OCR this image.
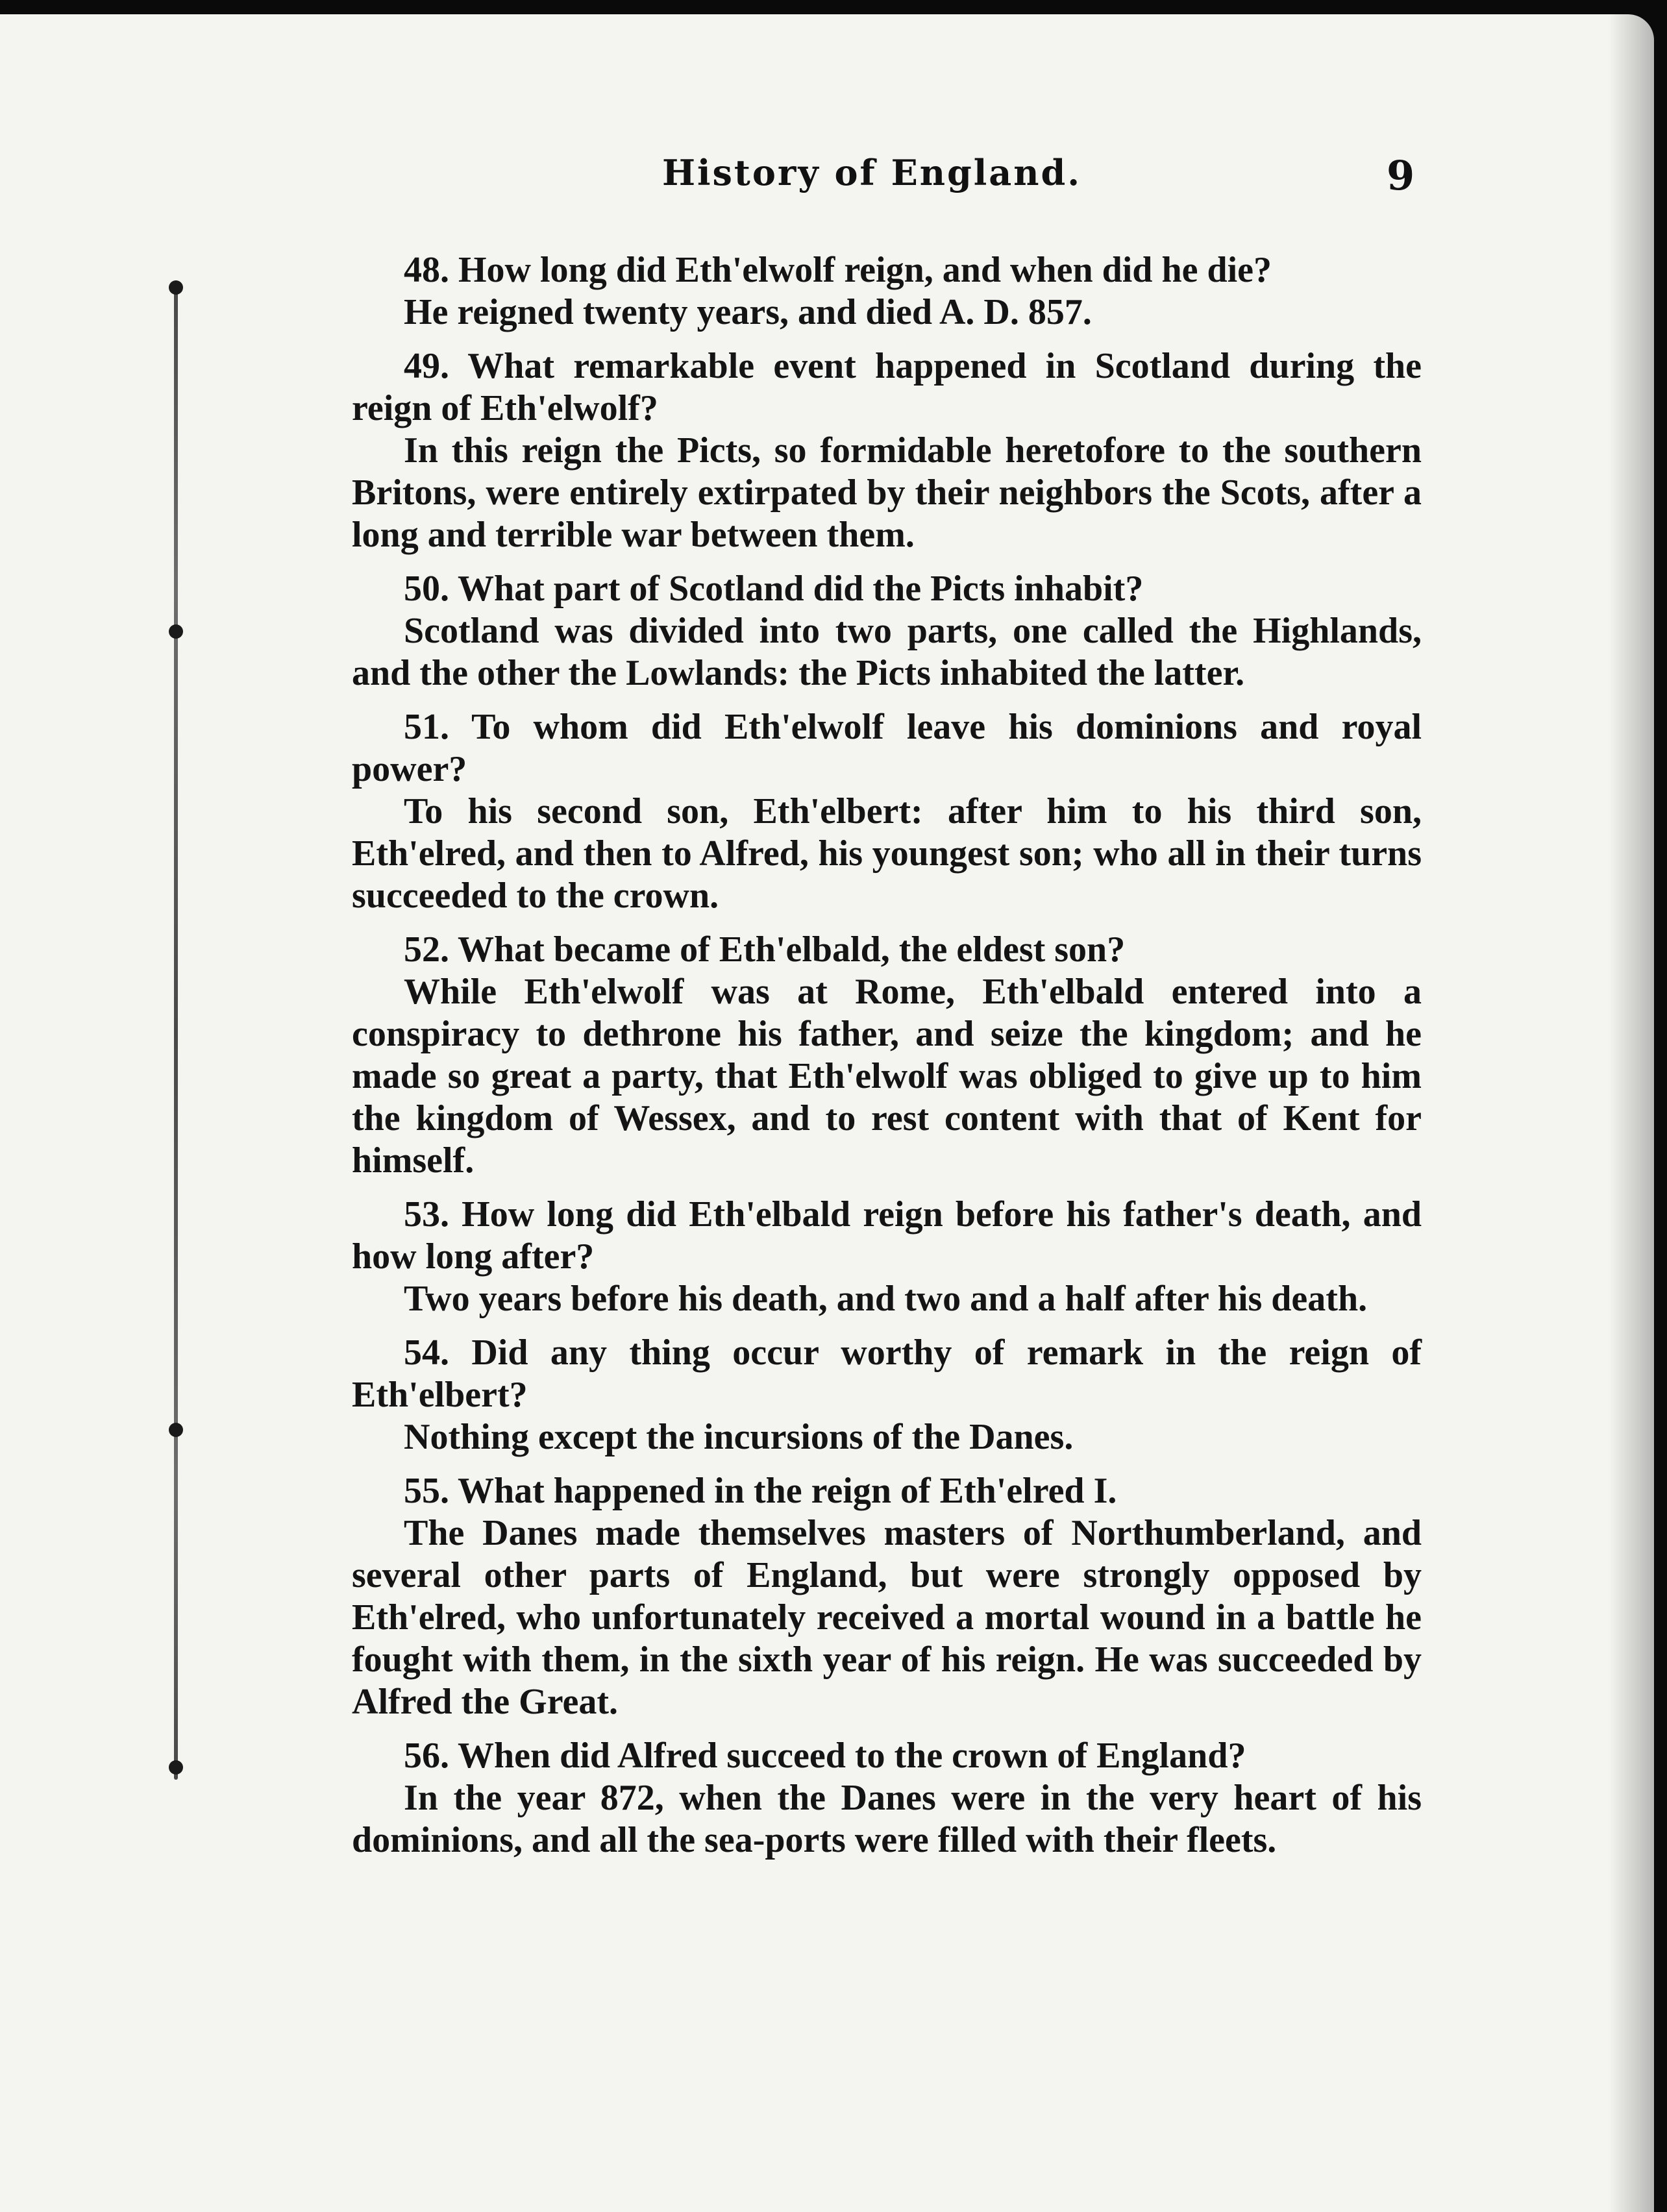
History of England.	9

48. How long did Eth'elwolf reign, and when did he die?

He reigned twenty years, and died A. D. 857.

49. What remarkable event happened in Scotland during the reign of Eth'elwolf?

In this reign the Picts, so formidable heretofore to the southern Britons, were entirely extirpated by their neighbors the Scots, after a long and terrible war between them.

50. What part of Scotland did the Picts inhabit?

Scotland was divided into two parts, one called the Highlands, and the other the Lowlands: the Picts inhabited the latter.

51. To whom did Eth'elwolf leave his dominions and royal power?

To his second son, Eth'elbert: after him to his third son, Eth'elred, and then to Alfred, his youngest son; who all in their turns succeeded to the crown.

52. What became of Eth'elbald, the eldest son?

While Eth'elwolf was at Rome, Eth'elbald entered into a conspiracy to dethrone his father, and seize the kingdom; and he made so great a party, that Eth'elwolf was obliged to give up to him the kingdom of Wessex, and to rest content with that of Kent for himself.

53. How long did Eth'elbald reign before his father's death, and how long after?

Two years before his death, and two and a half after his death.

54. Did any thing occur worthy of remark in the reign of Eth'elbert?

Nothing except the incursions of the Danes.

55. What happened in the reign of Eth'elred I.

The Danes made themselves masters of Northumberland, and several other parts of England, but were strongly opposed by Eth'elred, who unfortunately received a mortal wound in a battle he fought with them, in the sixth year of his reign. He was succeeded by Alfred the Great.

56. When did Alfred succeed to the crown of England?

In the year 872, when the Danes were in the very heart of his dominions, and all the sea-ports were filled with their fleets.
